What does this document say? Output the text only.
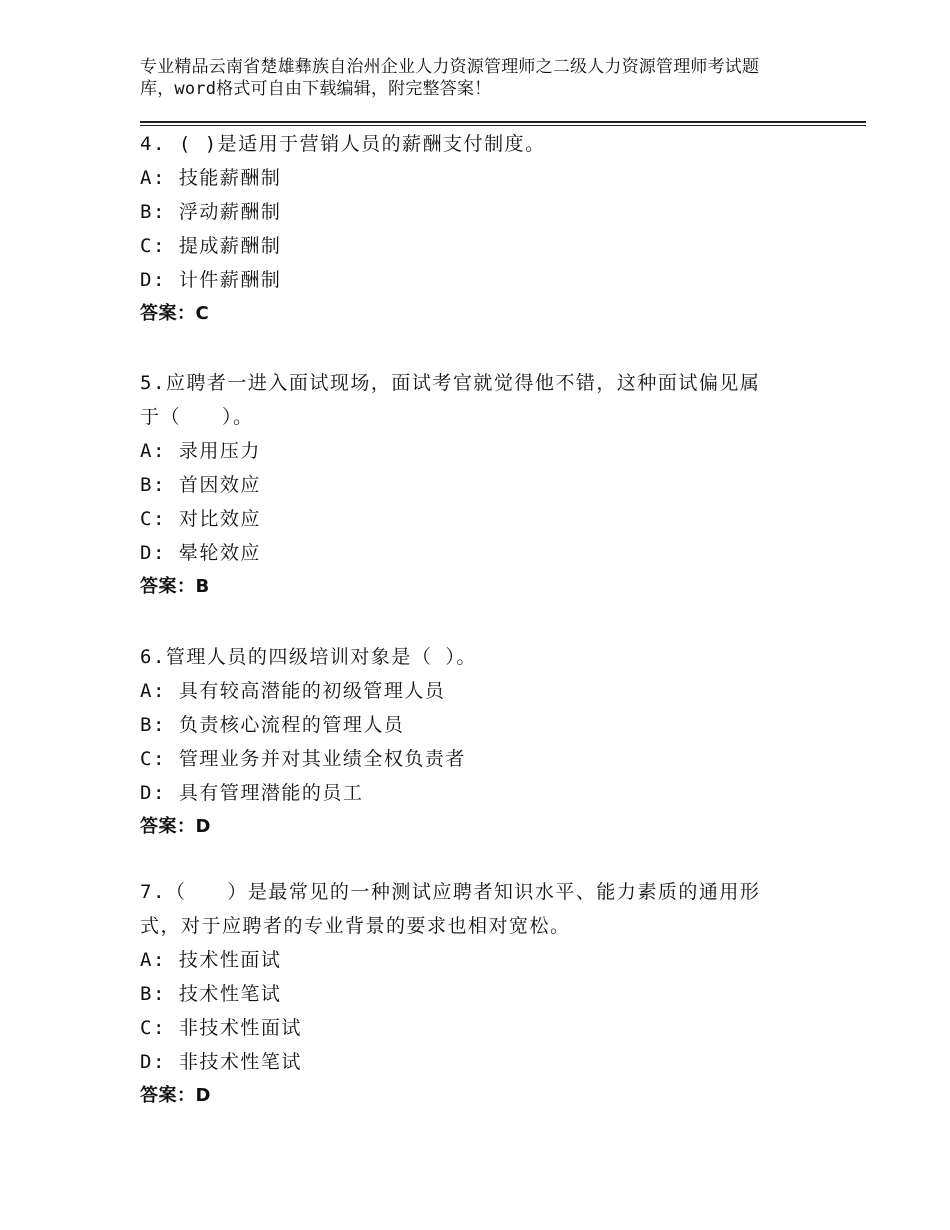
专业精品云南省楚雄彝族自治州企业人力资源管理师之二级人力资源管理师考试题
库，word格式可自由下载编辑，附完整答案！

4. ( )是适用于营销人员的薪酬支付制度。

A: 技能薪酬制

B: 浮动薪酬制

C: 提成薪酬制

D: 计件薪酬制

答案：C

5.应聘者一进入面试现场，面试考官就觉得他不错，这种面试偏见属

于（　　）。

A: 录用压力

B: 首因效应

C: 对比效应

D: 晕轮效应

答案：B

6.管理人员的四级培训对象是（ ）。

A: 具有较高潜能的初级管理人员

B: 负责核心流程的管理人员

C: 管理业务并对其业绩全权负责者

D: 具有管理潜能的员工

答案：D

7.（　　）是最常见的一种测试应聘者知识水平、能力素质的通用形

式，对于应聘者的专业背景的要求也相对宽松。

A: 技术性面试

B: 技术性笔试

C: 非技术性面试

D: 非技术性笔试

答案：D
